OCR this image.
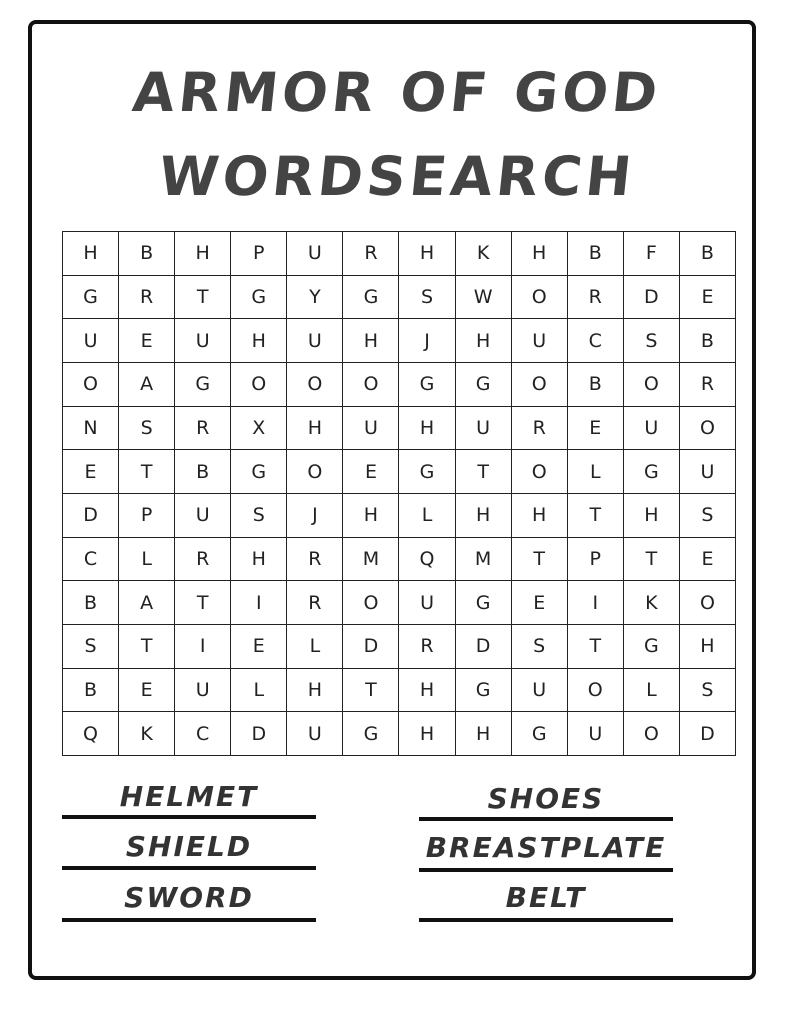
ARMOR OF GOD
WORDSEARCH
H	B	H	P	U	R	H	K	H	B	F	B
G	R	T	G	Y	G	S	W	O	R	D	E
U	E	U	H	U	H	J	H	U	C	S	B
O	A	G	O	O	O	G	G	O	B	O	R
N	S	R	X	H	U	H	U	R	E	U	O
E	T	B	G	O	E	G	T	O	L	G	U
D	P	U	S	J	H	L	H	H	T	H	S
C	L	R	H	R	M	Q	M	T	P	T	E
B	A	T	I	R	O	U	G	E	I	K	O
S	T	I	E	L	D	R	D	S	T	G	H
B	E	U	L	H	T	H	G	U	O	L	S
Q	K	C	D	U	G	H	H	G	U	O	D
HELMET
SHIELD
SWORD
SHOES
BREASTPLATE
BELT
